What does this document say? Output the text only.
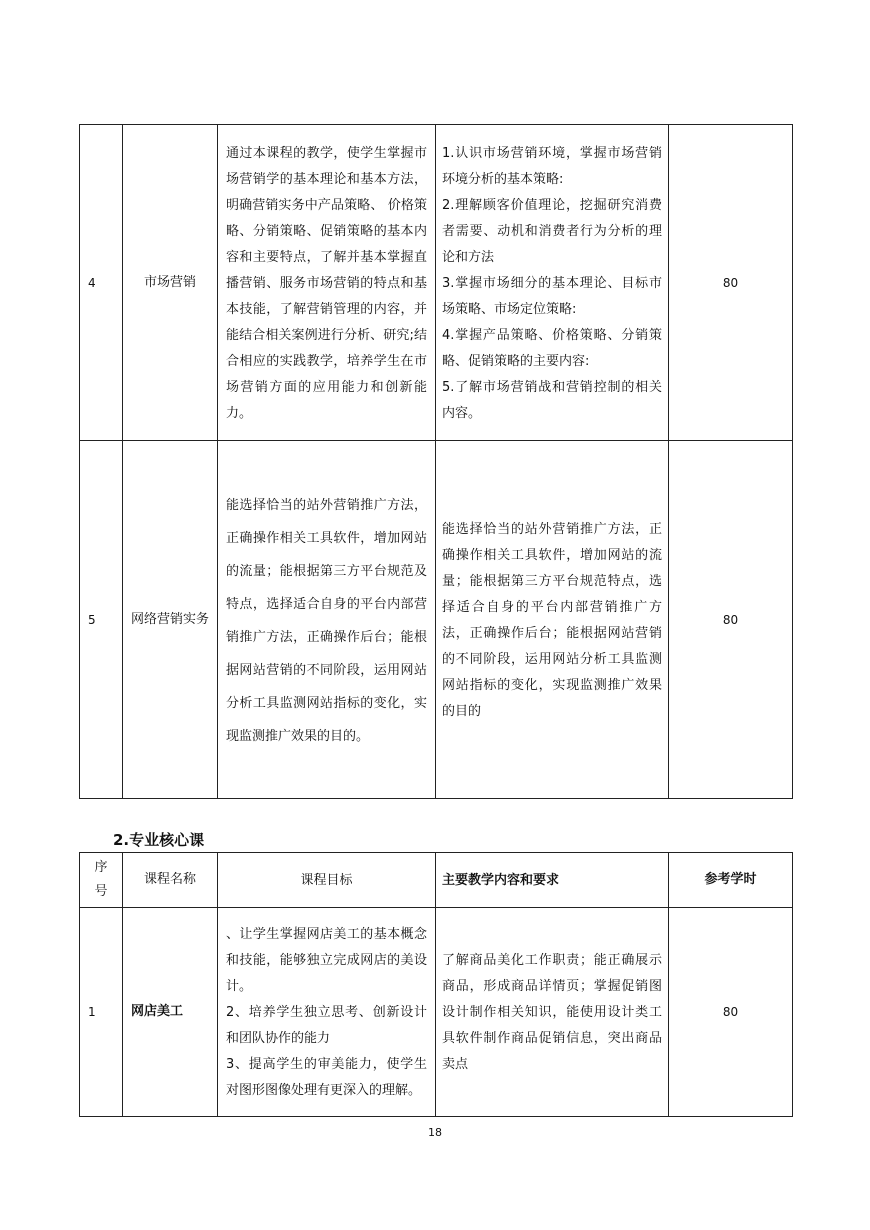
4	市场营销	通过本课程的教学，使学生掌握市场营销学的基本理论和基本方法，明确营销实务中产品策略、 价格策略、分销策略、促销策略的基本内容和主要特点，了解并基本掌握直播营销、服务市场营销的特点和基本技能，了解营销管理的内容，并能结合相关案例进行分析、研究;结合相应的实践教学，培养学生在市场营销方面的应用能力和创新能力。	1.认识市场营销环境，掌握市场营销环境分析的基本策略:
2.理解顾客价值理论，挖掘研究消费者需要、动机和消费者行为分析的理论和方法
3.掌握市场细分的基本理论、目标市场策略、市场定位策略:
4.掌握产品策略、价格策略、分销策略、促销策略的主要内容:
5.了解市场营销战和营销控制的相关内容。	80
5	网络营销实务	能选择恰当的站外营销推广方法，正确操作相关工具软件，增加网站的流量；能根据第三方平台规范及特点，选择适合自身的平台内部营销推广方法，正确操作后台；能根据网站营销的不同阶段，运用网站分析工具监测网站指标的变化，实现监测推广效果的目的。	能选择恰当的站外营销推广方法，正确操作相关工具软件，增加网站的流量；能根据第三方平台规范特点，选择适合自身的平台内部营销推广方法，正确操作后台；能根据网站营销的不同阶段，运用网站分析工具监测网站指标的变化，实现监测推广效果的目的	80
2.专业核心课
序号	课程名称	课程目标	主要教学内容和要求	参考学时
1	网店美工	、让学生掌握网店美工的基本概念和技能，能够独立完成网店的美设计。
2、培养学生独立思考、创新设计和团队协作的能力
3、提高学生的审美能力，使学生对图形图像处理有更深入的理解。	了解商品美化工作职责；能正确展示商品，形成商品详情页；掌握促销图设计制作相关知识，能使用设计类工具软件制作商品促销信息，突出商品卖点	80
18
